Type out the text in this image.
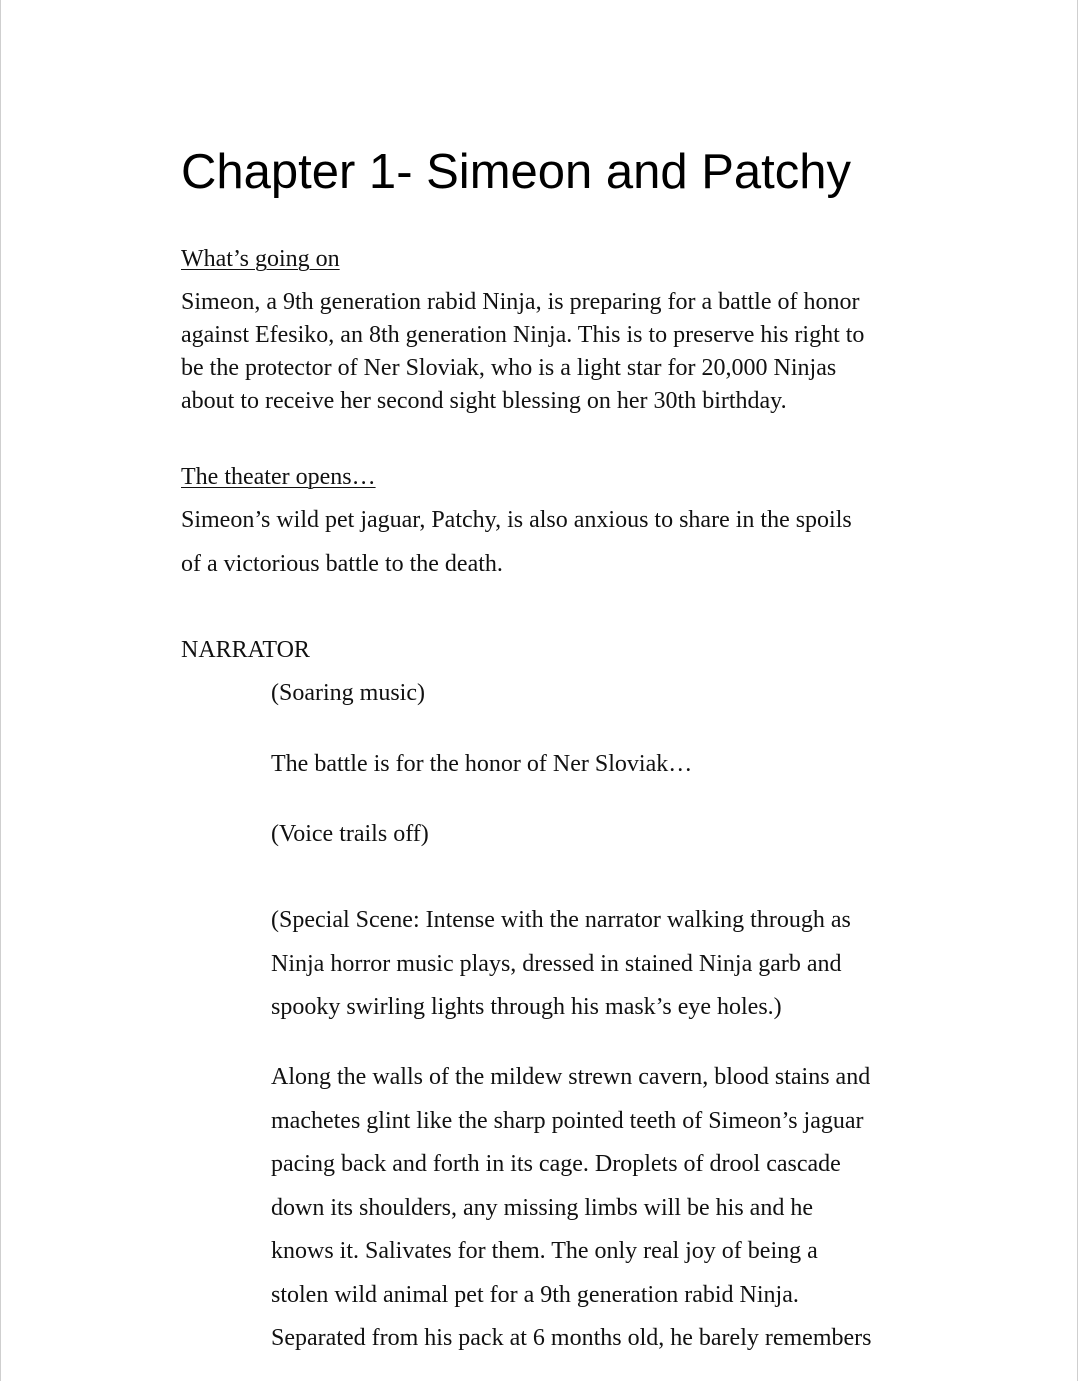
Chapter 1- Simeon and Patchy

What’s going on

Simeon, a 9th generation rabid Ninja, is preparing for a battle of honor
against Efesiko, an 8th generation Ninja. This is to preserve his right to
be the protector of Ner Sloviak, who is a light star for 20,000 Ninjas
about to receive her second sight blessing on her 30th birthday.

The theater opens…

Simeon’s wild pet jaguar, Patchy, is also anxious to share in the spoils
of a victorious battle to the death.

NARRATOR

(Soaring music)

The battle is for the honor of Ner Sloviak…

(Voice trails off)

(Special Scene: Intense with the narrator walking through as
Ninja horror music plays, dressed in stained Ninja garb and
spooky swirling lights through his mask’s eye holes.)
Along the walls of the mildew strewn cavern, blood stains and
machetes glint like the sharp pointed teeth of Simeon’s jaguar
pacing back and forth in its cage. Droplets of drool cascade
down its shoulders, any missing limbs will be his and he
knows it. Salivates for them. The only real joy of being a
stolen wild animal pet for a 9th generation rabid Ninja.
Separated from his pack at 6 months old, he barely remembers
